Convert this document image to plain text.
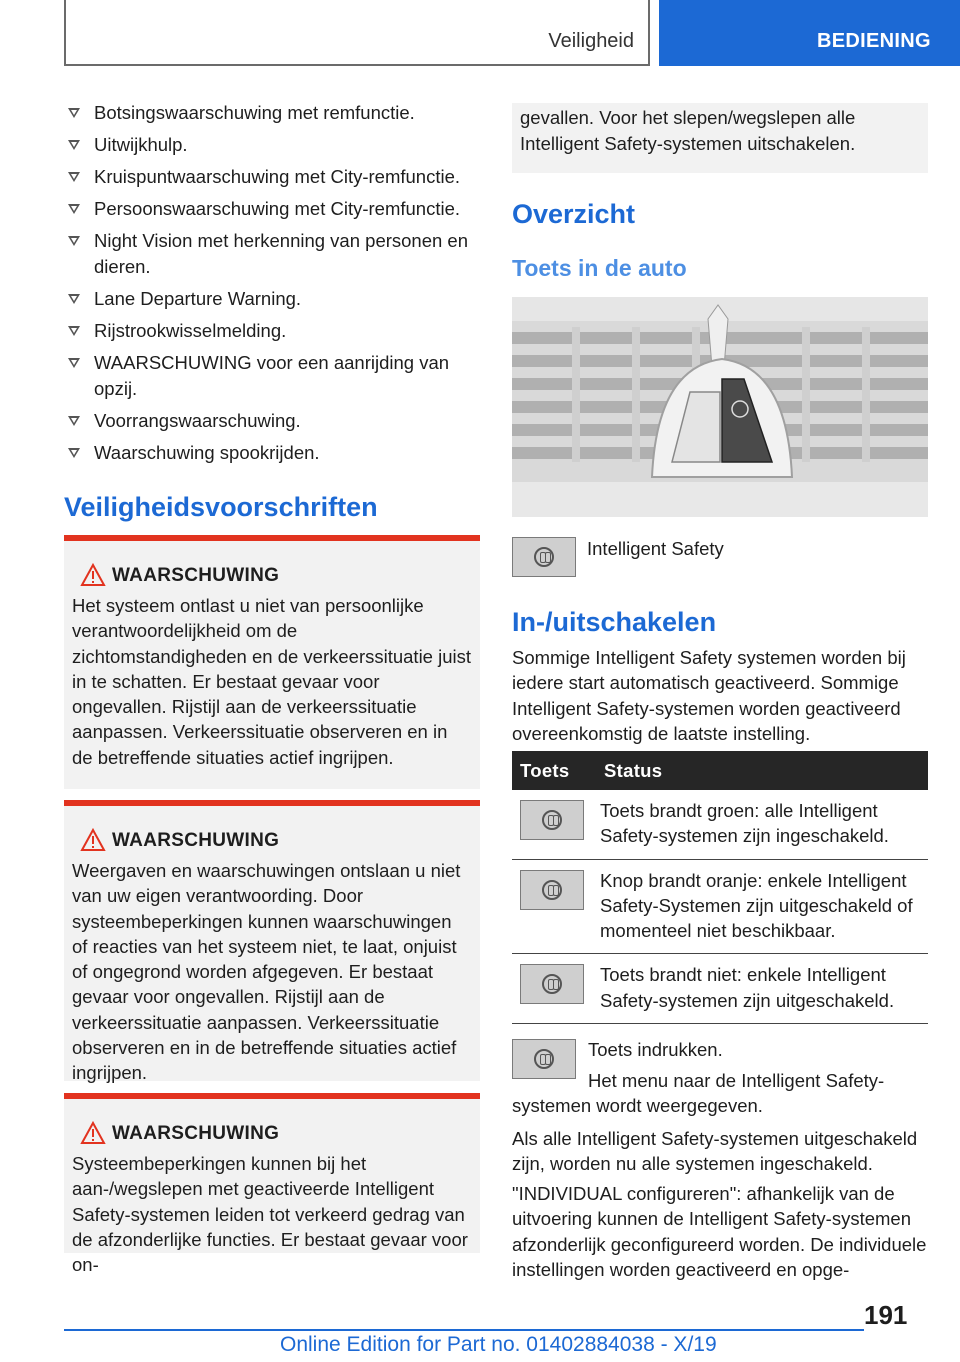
Veiligheid	BEDIENING
Botsingswaarschuwing met remfunctie.
Uitwijkhulp.
Kruispuntwaarschuwing met City-remfunctie.
Persoonswaarschuwing met City-remfunctie.
Night Vision met herkenning van personen en dieren.
Lane Departure Warning.
Rijstrookwisselmelding.
WAARSCHUWING voor een aanrijding van opzij.
Voorrangswaarschuwing.
Waarschuwing spookrijden.
Veiligheidsvoorschriften
WAARSCHUWING

Het systeem ontlast u niet van persoonlijke verantwoordelijkheid om de zichtomstandigheden en de verkeerssituatie juist in te schatten. Er bestaat gevaar voor ongevallen. Rijstijl aan de verkeerssituatie aanpassen. Verkeerssituatie observeren en in de betreffende situaties actief ingrijpen.

WAARSCHUWING

Weergaven en waarschuwingen ontslaan u niet van uw eigen verantwoording. Door systeembeperkingen kunnen waarschuwingen of reacties van het systeem niet, te laat, onjuist of ongegrond worden afgegeven. Er bestaat gevaar voor ongevallen. Rijstijl aan de verkeerssituatie aanpassen. Verkeerssituatie observeren en in de betreffende situaties actief ingrijpen.

WAARSCHUWING

Systeembeperkingen kunnen bij het aan-/wegslepen met geactiveerde Intelligent Safety-systemen leiden tot verkeerd gedrag van de afzonderlijke functies. Er bestaat gevaar voor on-

gevallen. Voor het slepen/wegslepen alle Intelligent Safety-systemen uitschakelen.
Overzicht
Toets in de auto
Intelligent Safety
In-/uitschakelen
Sommige Intelligent Safety systemen worden bij iedere start automatisch geactiveerd. Sommige Intelligent Safety-systemen worden geactiveerd overeenkomstig de laatste instelling.
Toets	Status

	Toets brandt groen: alle Intelligent Safety-systemen zijn ingeschakeld.

	Knop brandt oranje: enkele Intelligent Safety-Systemen zijn uitgeschakeld of momenteel niet beschikbaar.

	Toets brandt niet: enkele Intelligent Safety-systemen zijn uitgeschakeld.
Toets indrukken.
Het menu naar de Intelligent Safety-systemen wordt weergegeven.
Als alle Intelligent Safety-systemen uitgeschakeld zijn, worden nu alle systemen ingeschakeld.
"INDIVIDUAL configureren": afhankelijk van de uitvoering kunnen de Intelligent Safety-systemen afzonderlijk geconfigureerd worden. De individuele instellingen worden geactiveerd en opge-
191
Online Edition for Part no. 01402884038 - X/19
